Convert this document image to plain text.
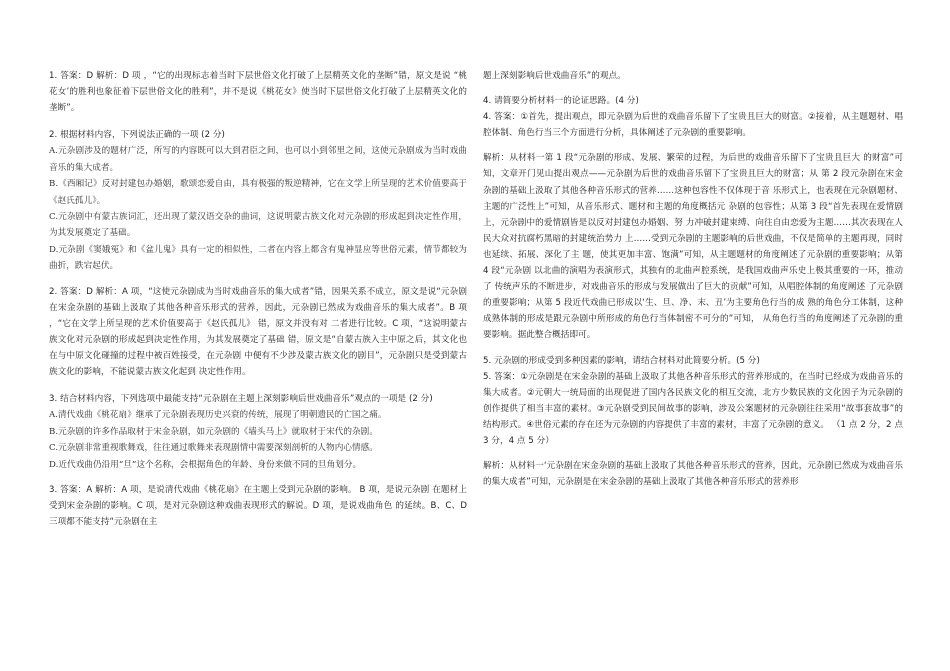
1. 答案：D 解析：D 项 ，“它的出现标志着当时下层世俗文化打破了上层精英文化的垄断”错，原文是说 “桃花女’的胜利也象征着下层世俗文化的胜利”，并不是说《桃花女》使当时下层世俗文化打破了上层精英文化的垄断”。

2. 根据材料内容，下列说法正确的一项 (2 分)

A.元杂剧涉及的题材广泛，所写的内容既可以大到君臣之间，也可以小到邻里之间，这使元杂剧成为当时戏曲音乐的集大成者。

B.《西厢记》反对封建包办婚姻，歌颂恋爱自由，具有极强的叛逆精神，它在文学上所呈现的艺术价值要高于《赵氏孤儿》。

C.元杂剧中有蒙古族词汇，还出现了蒙汉语交杂的曲词，这说明蒙古族文化对元杂剧的形成起到决定性作用，为其发展奠定了基础。

D.元杂剧《窦娥冤》和《盆儿鬼》具有一定的相似性，二者在内容上都含有鬼神显应等世俗元素，情节都较为曲折，跌宕起伏。

2. 答案：D 解析：A 项，“这使元杂剧成为当时戏曲音乐的集大成者”错，因果关系不成立，原文是说“元杂剧在宋金杂剧的基础上汲取了其他各种音乐形式的营养，因此，元杂剧已然成为戏曲音乐的集大成者”。B 项 ，“它在文学上所呈现的艺术价值要高于《赵氏孤儿》 错，原文并没有对 二者进行比较。C 项，“这说明蒙古族文化对元杂剧的形成起到决定性作用，为其发展奠定了基础 错，原文是“自蒙古族入主中原之后，其文化也在与中原文化碰撞的过程中被百姓接受，在元杂剧 中便有不少涉及蒙古族文化的剧目”，元杂剧只是受到蒙古族文化的影响，不能说蒙古族文化起到 决定性作用。

3. 结合材料内容，下列选项中最能支持“元杂剧在主题上深刻影响后世戏曲音乐”观点的一项是 (2 分)

A.清代戏曲《桃花扇》继承了元杂剧表现历史兴衰的传统，展现了明朝遗民的亡国之痛。

B.元杂剧的许多作品取材于宋金杂剧，如元杂剧的《墙头马上》就取材于宋代的杂剧。

C.元杂剧非常重视歌舞戏，往往通过歌舞来表现剧情中需要深刻剖析的人物内心情感。

D.近代戏曲仍沿用“旦”这个名称，会根据角色的年龄、身份来做不同的旦角划分。

3. 答案：A 解析：A 项，是说清代戏曲《桃花扇》在主题上受到元杂剧的影响。 B 项，是说元杂剧 在题材上受到宋金杂剧的影响。C 项，是对元杂剧这种戏曲表现形式的解说。D 项，是说戏曲角色 的延续。B、C、D 三项都不能支持“元杂剧在主

题上深刻影响后世戏曲音乐”的观点。

4. 请简要分析材料一的论证思路。(4 分)

4. 答案：①首先，提出观点，即元杂剧为后世的戏曲音乐留下了宝贵且巨大的财富。②接着，从主题题材、唱腔体制、角色行当三个方面进行分析，具体阐述了元杂剧的重要影响。

解析：从材料一第 1 段“元杂剧的形成、发展、繁荣的过程，为后世的戏曲音乐留下了宝贵且巨大 的财富”可知，文章开门见山提出观点——元杂剧为后世的戏曲音乐留下了宝贵且巨大的财富；从 第 2 段元杂剧在宋金杂剧的基础上汲取了其他各种音乐形式的营养……这种包容性不仅体现于音 乐形式上，也表现在元杂剧题材、主题的广泛性上”可知，从音乐形式、题材和主题的角度概括元 杂剧的包容性；从第 3 段“首先表现在爱情剧上，元杂剧中的爱情剧皆是以反对封建包办婚姻、努 力冲破封建束缚、向往自由恋爱为主题……其次表现在人民大众对抗腐朽黑暗的封建统治势力 上……受到元杂剧的主题影响的后世戏曲，不仅是简单的主题再现，同时也延续、拓展、深化了主 题，使其更加丰富、饱满”可知，从主题题材的角度阐述了元杂剧的重要影响；从第 4 段“元杂剧 以北曲的演唱为表演形式，其独有的北曲声腔系统，是我国戏曲声乐史上极其重要的一环，推动了 传统声乐的不断进步，对戏曲音乐的形成与发展做出了巨大的贡献”可知，从唱腔体制的角度阐述 了元杂剧的重要影响；从第 5 段近代戏曲已形成以‘生、旦、净、末、丑’为主要角色行当的成 熟的角色分工体制，这种成熟体制的形成是跟元杂剧中所形成的角色行当体制密不可分的”可知， 从角色行当的角度阐述了元杂剧的重要影响。据此整合概括即可。

5. 元杂剧的形成受到多种因素的影响，请结合材料对此简要分析。(5 分)

5. 答案：①元杂剧是在宋金杂剧的基础上汲取了其他各种音乐形式的营养形成的，在当时已经成为戏曲音乐的集大成者。②元朝大一统局面的出现促进了国内各民族文化的相互交流，北方少数民族的文化因子为元杂剧的创作提供了相当丰富的素材。③元杂剧受到民间故事的影响，涉及公案题材的元杂剧往往采用“故事套故事”的结构形式。④世俗元素的存在还为元杂剧的内容提供了丰富的素材，丰富了元杂剧的意义。 （1 点 2 分，2 点 3 分，4 点 5 分）

解析：从材料一‘元杂剧在宋金杂剧的基础上汲取了其他各种音乐形式的营养，因此，元杂剧已然成为戏曲音乐的集大成者”可知，元杂剧是在宋金杂剧的基础上汲取了其他各种音乐形式的营养形
